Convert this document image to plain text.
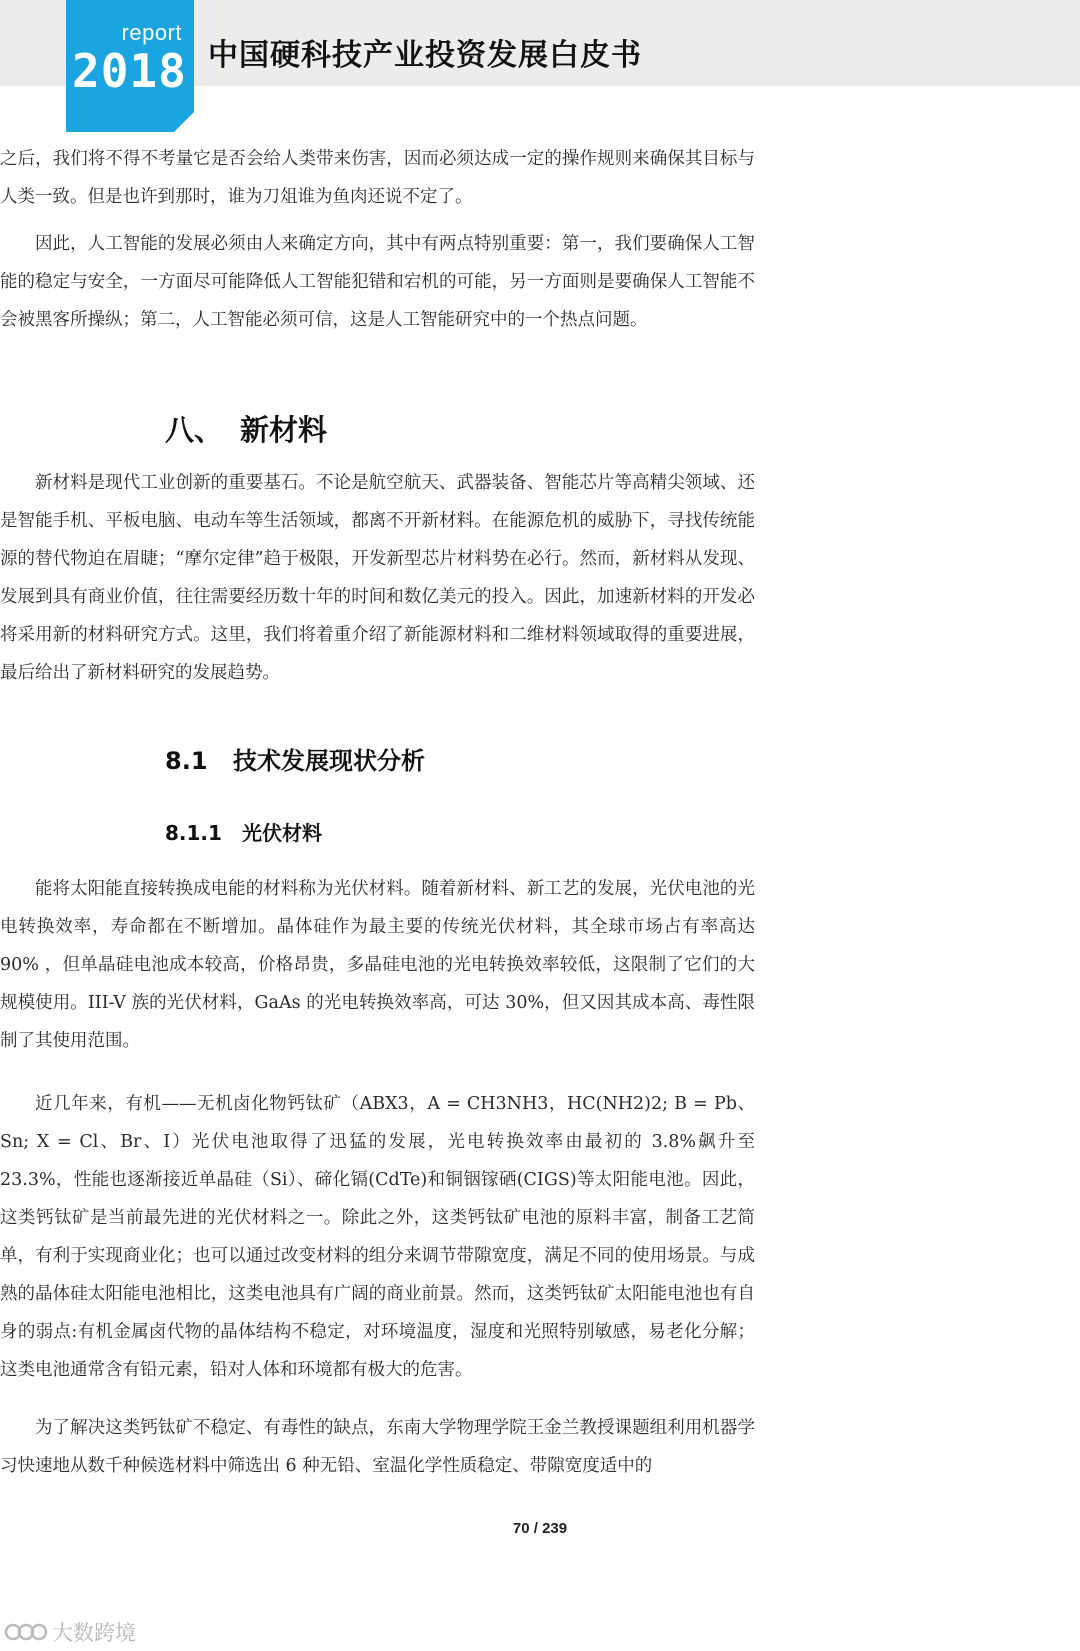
report
2018 中国硬科技产业投资发展白皮书

之后，我们将不得不考量它是否会给人类带来伤害，因而必须达成一定的操作规则来确保其目标与人类一致。但是也许到那时，谁为刀俎谁为鱼肉还说不定了。

因此，人工智能的发展必须由人来确定方向，其中有两点特别重要：第一，我们要确保人工智能的稳定与安全，一方面尽可能降低人工智能犯错和宕机的可能，另一方面则是要确保人工智能不会被黑客所操纵；第二，人工智能必须可信，这是人工智能研究中的一个热点问题。

八、 新材料

新材料是现代工业创新的重要基石。不论是航空航天、武器装备、智能芯片等高精尖领域、还是智能手机、平板电脑、电动车等生活领域，都离不开新材料。在能源危机的威胁下，寻找传统能源的替代物迫在眉睫；“摩尔定律”趋于极限，开发新型芯片材料势在必行。然而，新材料从发现、发展到具有商业价值，往往需要经历数十年的时间和数亿美元的投入。因此，加速新材料的开发必将采用新的材料研究方式。这里，我们将着重介绍了新能源材料和二维材料领域取得的重要进展，最后给出了新材料研究的发展趋势。

8.1 技术发展现状分析
8.1.1 光伏材料

能将太阳能直接转换成电能的材料称为光伏材料。随着新材料、新工艺的发展，光伏电池的光电转换效率，寿命都在不断增加。晶体硅作为最主要的传统光伏材料，其全球市场占有率高达 90% ，但单晶硅电池成本较高，价格昂贵，多晶硅电池的光电转换效率较低，这限制了它们的大规模使用。III-V 族的光伏材料，GaAs 的光电转换效率高，可达 30%，但又因其成本高、毒性限制了其使用范围。

近几年来，有机——无机卤化物钙钛矿（ABX3，A = CH3NH3，HC(NH2)2; B = Pb、Sn; X = Cl、Br、I）光伏电池取得了迅猛的发展，光电转换效率由最初的 3.8%飙升至 23.3%，性能也逐渐接近单晶硅（Si）、碲化镉(CdTe)和铜铟镓硒(CIGS)等太阳能电池。因此，这类钙钛矿是当前最先进的光伏材料之一。除此之外，这类钙钛矿电池的原料丰富，制备工艺简单，有利于实现商业化；也可以通过改变材料的组分来调节带隙宽度，满足不同的使用场景。与成熟的晶体硅太阳能电池相比，这类电池具有广阔的商业前景。然而，这类钙钛矿太阳能电池也有自身的弱点:有机金属卤代物的晶体结构不稳定，对环境温度，湿度和光照特别敏感，易老化分解；这类电池通常含有铅元素，铅对人体和环境都有极大的危害。

为了解决这类钙钛矿不稳定、有毒性的缺点，东南大学物理学院王金兰教授课题组利用机器学习快速地从数千种候选材料中筛选出 6 种无铅、室温化学性质稳定、带隙宽度适中的

70 / 239
大数跨境
